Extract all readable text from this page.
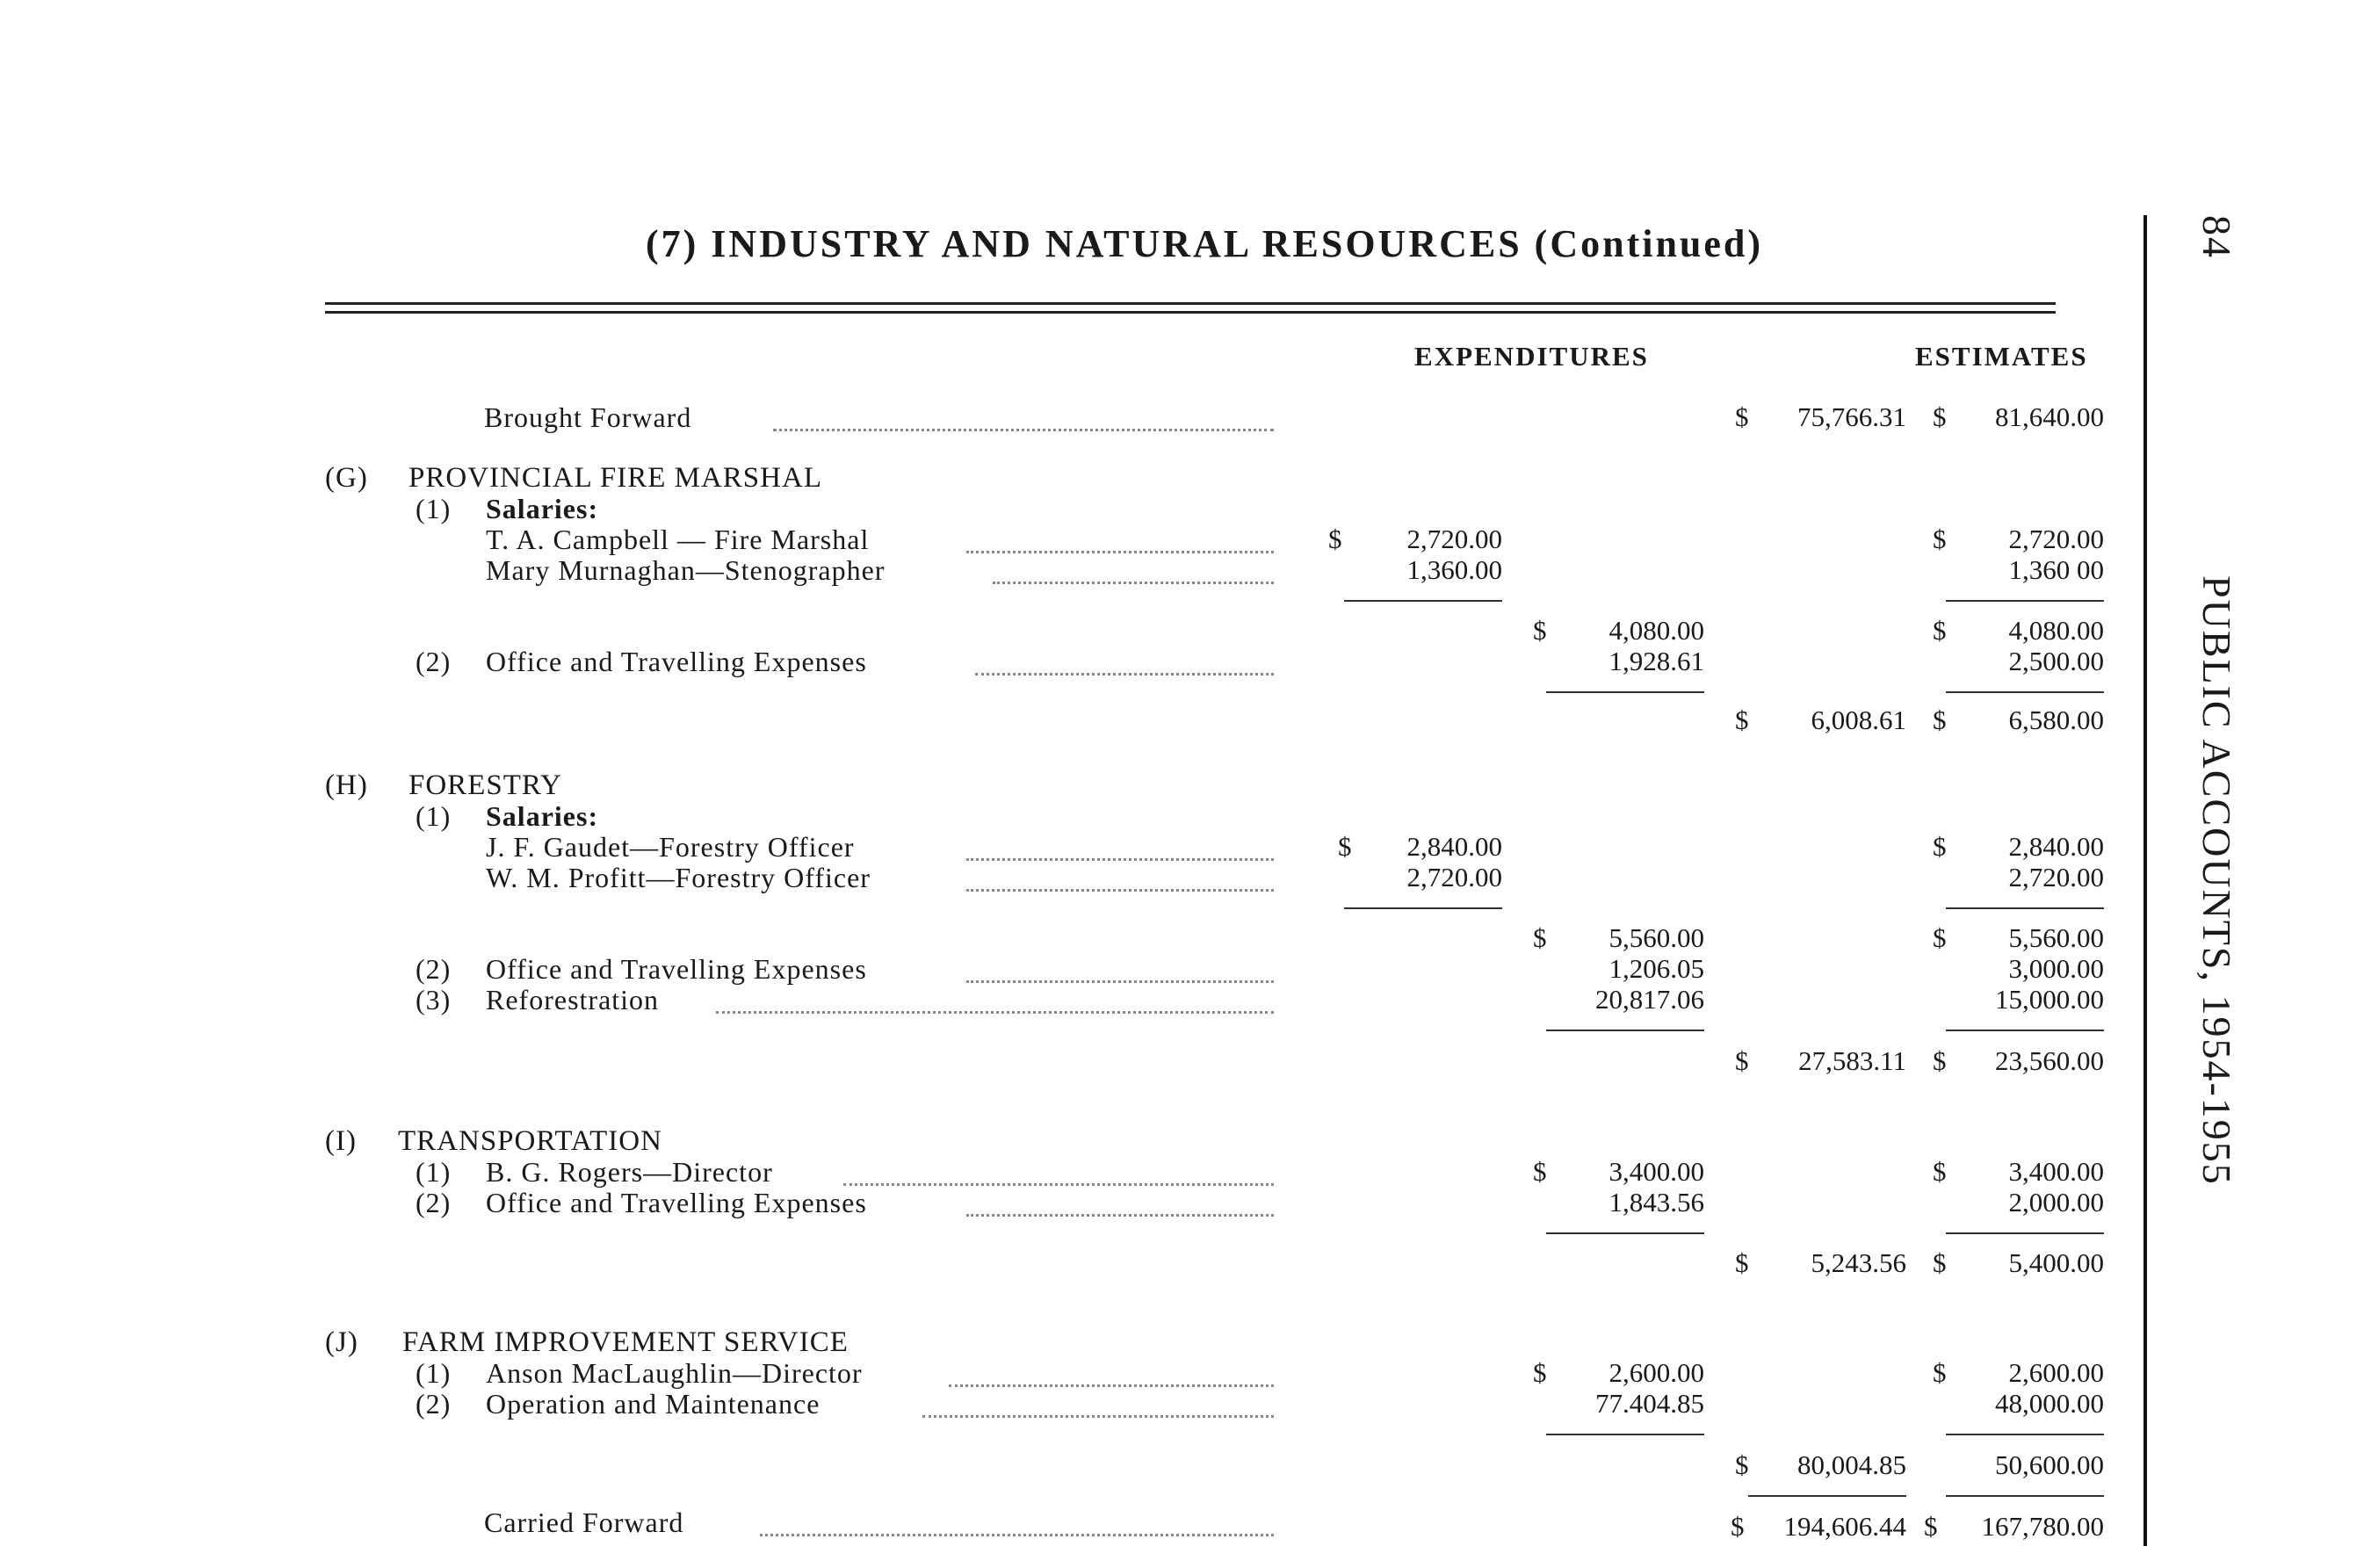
(7) INDUSTRY AND NATURAL RESOURCES (Continued)
EXPENDITURES	ESTIMATES
Brought Forward	$	75,766.31 $	81,640.00
(G) PROVINCIAL FIRE MARSHAL
(1) Salaries:
T. A. Campbell — Fire Marshal	$	2,720.00	$	2,720.00
Mary Murnaghan—Stenographer	1,360.00	1,360 00
$	4,080.00	$	4,080.00
(2) Office and Travelling Expenses	1,928.61	2,500.00
$	6,008.61 $	6,580.00
(H) FORESTRY
(1) Salaries:
J. F. Gaudet—Forestry Officer	$	2,840.00	$	2,840.00
W. M. Profitt—Forestry Officer	2,720.00	2,720.00
$	5,560.00	$	5,560.00
(2) Office and Travelling Expenses	1,206.05	3,000.00
(3) Reforestration	20,817.06	15,000.00
$	27,583.11 $	23,560.00
(I) TRANSPORTATION
(1) B. G. Rogers—Director	$	3,400.00	$	3,400.00
(2) Office and Travelling Expenses	1,843.56	2,000.00
$	5,243.56 $	5,400.00
(J) FARM IMPROVEMENT SERVICE
(1) Anson MacLaughlin—Director	$	2,600.00	$	2,600.00
(2) Operation and Maintenance	77.404.85	48,000.00
$	80,004.85	50,600.00
Carried Forward	$	194,606.44 $	167,780.00
84
PUBLIC ACCOUNTS, 1954-1955
